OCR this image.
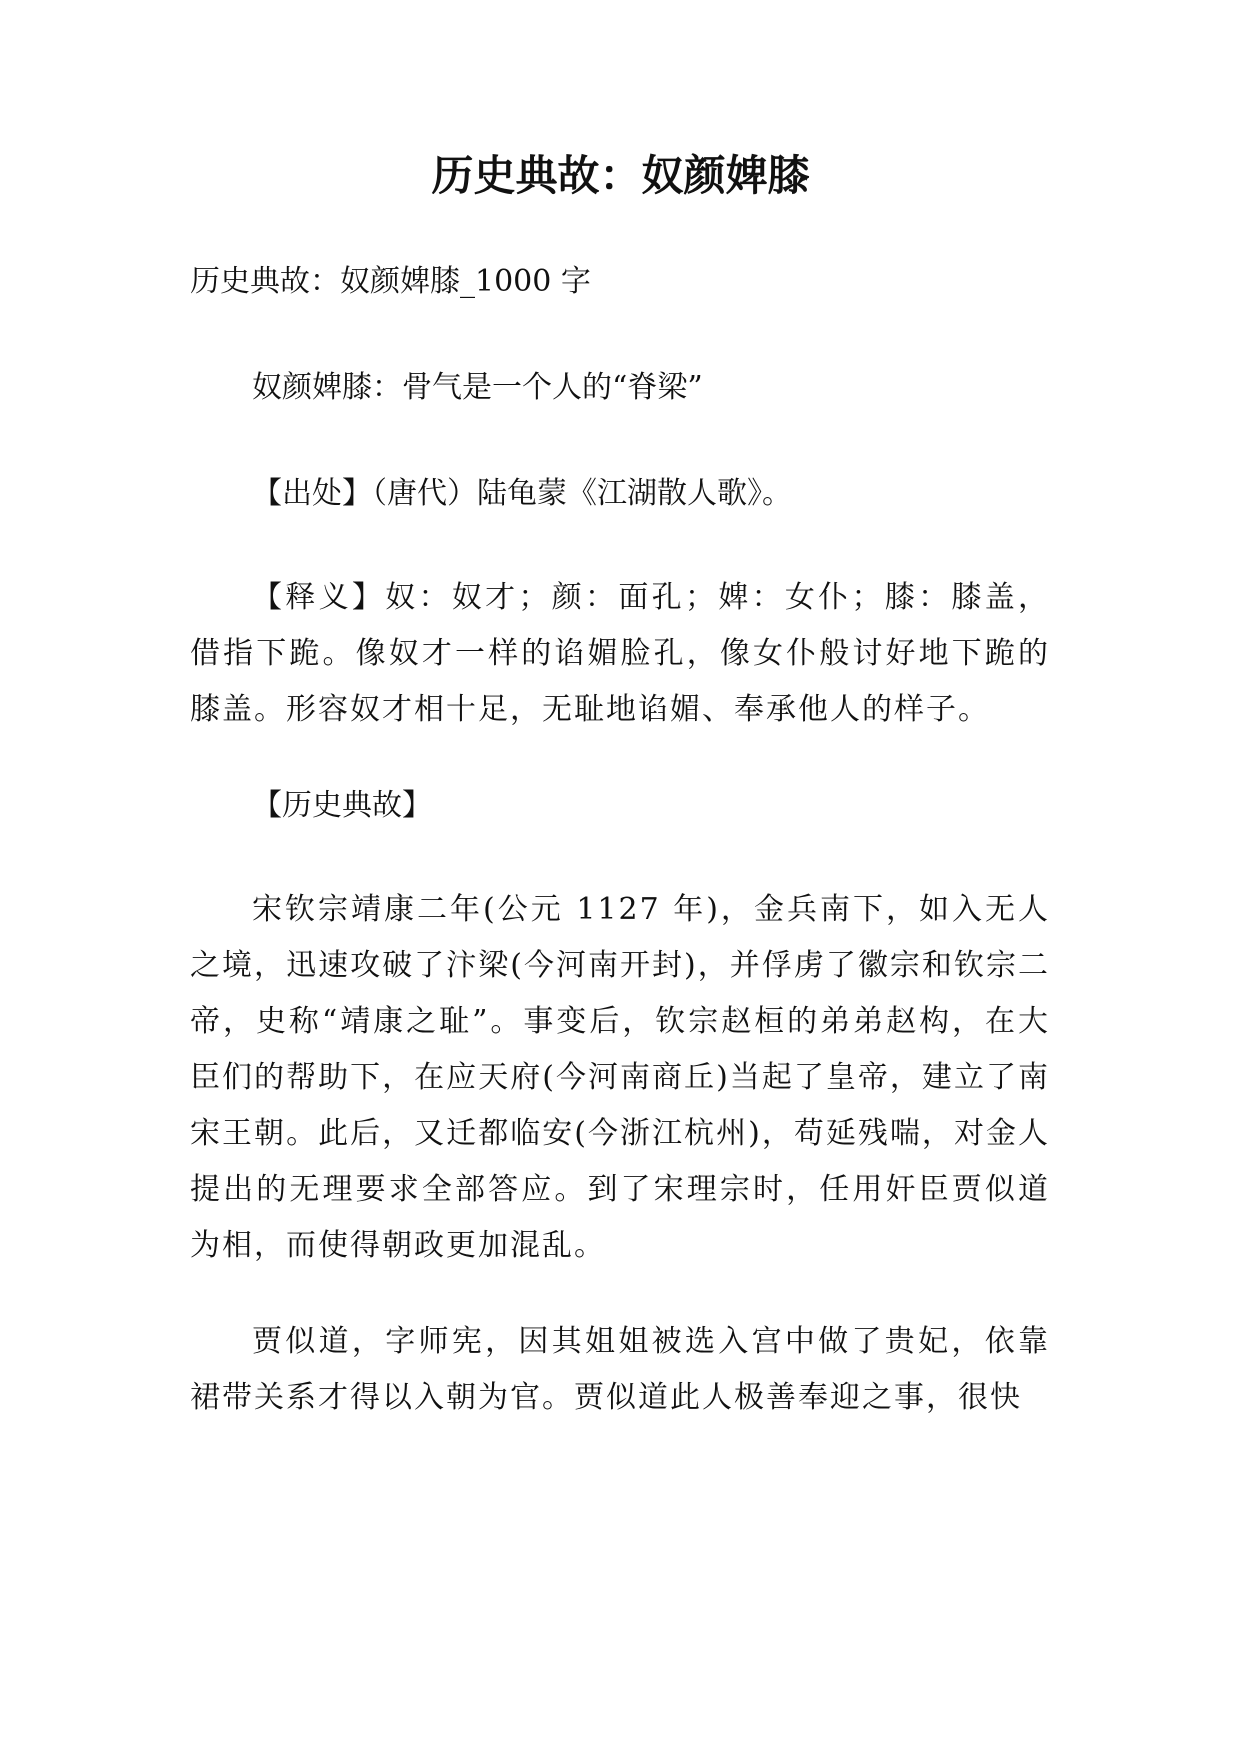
历史典故：奴颜婢膝
历史典故：奴颜婢膝_1000 字
奴颜婢膝：骨气是一个人的“脊梁”
【出处】（唐代）陆龟蒙《江湖散人歌》。

【释义】奴：奴才；颜：面孔；婢：女仆；膝：膝盖，借指下跪。像奴才一样的谄媚脸孔，像女仆般讨好地下跪的膝盖。形容奴才相十足，无耻地谄媚、奉承他人的样子。

【历史典故】

宋钦宗靖康二年(公元 1127 年)，金兵南下，如入无人之境，迅速攻破了汴梁(今河南开封)，并俘虏了徽宗和钦宗二帝，史称“靖康之耻”。事变后，钦宗赵桓的弟弟赵构，在大臣们的帮助下，在应天府(今河南商丘)当起了皇帝，建立了南宋王朝。此后，又迁都临安(今浙江杭州)，苟延残喘，对金人提出的无理要求全部答应。到了宋理宗时，任用奸臣贾似道为相，而使得朝政更加混乱。

贾似道，字师宪，因其姐姐被选入宫中做了贵妃，依靠裙带关系才得以入朝为官。贾似道此人极善奉迎之事，很快
